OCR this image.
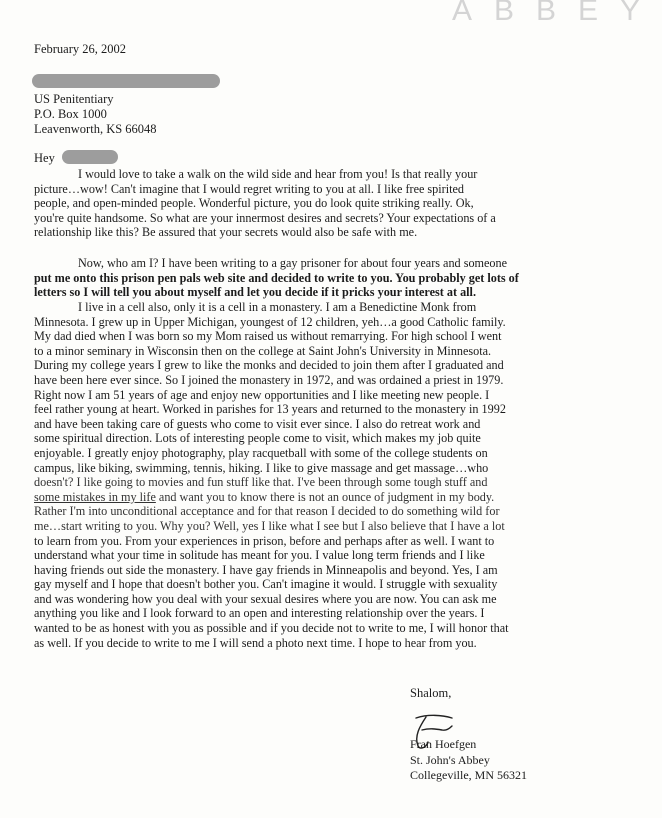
ABBEY
February 26, 2002
US Penitentiary
P.O. Box 1000
Leavenworth, KS 66048
Hey
I would love to take a walk on the wild side and hear from you! Is that really your
picture…wow! Can't imagine that I would regret writing to you at all. I like free spirited
people, and open-minded people. Wonderful picture, you do look quite striking really. Ok,
you're quite handsome. So what are your innermost desires and secrets? Your expectations of a
relationship like this? Be assured that your secrets would also be safe with me.
Now, who am I? I have been writing to a gay prisoner for about four years and someone
put me onto this prison pen pals web site and decided to write to you. You probably get lots of
letters so I will tell you about myself and let you decide if it pricks your interest at all.
I live in a cell also, only it is a cell in a monastery. I am a Benedictine Monk from
Minnesota. I grew up in Upper Michigan, youngest of 12 children, yeh…a good Catholic family.
My dad died when I was born so my Mom raised us without remarrying. For high school I went
to a minor seminary in Wisconsin then on the college at Saint John's University in Minnesota.
During my college years I grew to like the monks and decided to join them after I graduated and
have been here ever since. So I joined the monastery in 1972, and was ordained a priest in 1979.
Right now I am 51 years of age and enjoy new opportunities and I like meeting new people. I
feel rather young at heart. Worked in parishes for 13 years and returned to the monastery in 1992
and have been taking care of guests who come to visit ever since. I also do retreat work and
some spiritual direction. Lots of interesting people come to visit, which makes my job quite
enjoyable. I greatly enjoy photography, play racquetball with some of the college students on
campus, like biking, swimming, tennis, hiking. I like to give massage and get massage…who
doesn't? I like going to movies and fun stuff like that. I've been through some tough stuff and
some mistakes in my life and want you to know there is not an ounce of judgment in my body.
Rather I'm into unconditional acceptance and for that reason I decided to do something wild for
me…start writing to you. Why you? Well, yes I like what I see but I also believe that I have a lot
to learn from you. From your experiences in prison, before and perhaps after as well. I want to
understand what your time in solitude has meant for you. I value long term friends and I like
having friends out side the monastery. I have gay friends in Minneapolis and beyond. Yes, I am
gay myself and I hope that doesn't bother you. Can't imagine it would. I struggle with sexuality
and was wondering how you deal with your sexual desires where you are now. You can ask me
anything you like and I look forward to an open and interesting relationship over the years. I
wanted to be as honest with you as possible and if you decide not to write to me, I will honor that
as well. If you decide to write to me I will send a photo next time. I hope to hear from you.
Shalom,
Fran Hoefgen
St. John's Abbey
Collegeville, MN 56321
